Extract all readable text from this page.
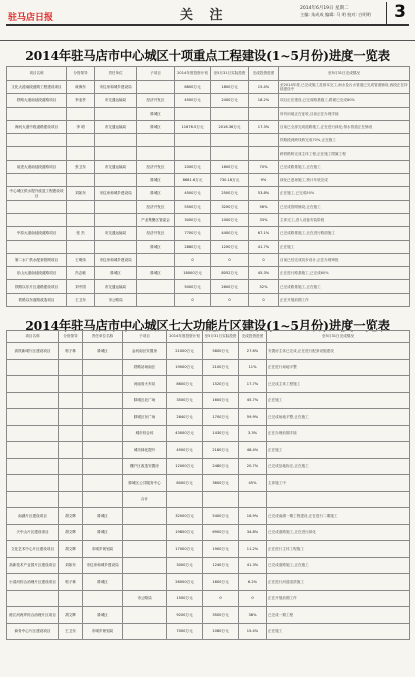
驻马店日报	关 注	2014年6月19日 星期二
主编: 朱成成 编辑: 马 明 校对: 白明明	3
2014年驻马店市中心城区十项重点工程建设(1~5月份)进度一览表
项目名称	分管领导	责任单位	子项目	2014年度投资计划	至5月31日实际投资	完成投资进度	至5月31日完成情况
文化大道南段道路工程建设项目	戚海东	市住房和城乡建设局		8600万元	1800万元	15.4%	至2014年度,已完成施工及基本完工,雨水及污水管道已完成管道铺设,西段正在持续建设中
铁路大道南延段道路项目	李亚亭	市交通运输局	经济开发区	4500万元	2400万元	18.2%	项目正在建设,已完成路基施工,路面已完成80%
			驿城区				所有用地正在征收,目前正在办理手续
海河大道中段道路建设项目	李 明	市交通运输局	驿城区	11676.5万元	2016.36万元	17.3%	目前已全部完成道路施工,正在进行绿化;排水管道正在铺设
							铁路段到跨线桥完成70%,正在施工
							跨铁路桥完成主体工程,正在施工附属工程
前进大道南延段道路项目	张卫东	市交通运输局	经济开发区	2000万元	1600万元	70%	已完成路基施工,正在施工
			驿城区	8681.6万元	730.16万元	9%	绿化已进场施工,预计年底完成
中心城区供水提升改造工程建设项目	刘如东	市住房和城乡建设局	驿城区	4500万元	2500万元	53.8%	正在施工,已完成50%
			经济开发区	5500万元	3200万元	56%	已完成管网铺设,正在施工
			产业集聚区管委会	3000万元	1000万元	33%	主体完工,进入设备安装阶段
中原大道南延段道路项目	张 杰	市交通运输局	经济开发区	7700万元	4400万元	67.1%	已完成路基施工,正在进行路面施工
			驿城区	2880万元	1200万元	41.7%	正在施工
第二水厂供水配套管网项目	王明伟	市住房和城乡建设局		0	0	0	目前已经完成初步设计,正在办理审批
乐山大道南延段道路项目	冯志敏	驿城区	驿城区	18000万元	8052万元	45.3%	正在进行路基施工,已完成60%
铁路以东片区道路建设项目	刘中国	市交通运输局		5000万元	2600万元	52%	已完成路基施工,正在施工
铁路以东道路改造项目	王卫东	市公路局		0	0	0	正在开展前期工作
2014年驻马店市中心城区七大功能片区建设(1~5月份)进度一览表
项目名称	分管领导	责任单位名称	子项目	2014年度投资计划	至5月31日实际投资	完成投资进度	至5月31日完成情况
高铁新城片区建设项目	郭子林	驿城区	金河南区安置房	21000万元	5800万元	27.6%	安置房主体已完成,正在进行配套设施建设
			铁路站场南区	19000万元	2100万元	11%	正在进行场地平整
			河南省火车站	8600万元	1520万元	17.7%	已完成主体工程施工
			驿城区北广场	3500万元	1600万元	45.7%	正在施工
			驿城区东广场	2840万元	1700万元	59.9%	已完成场地平整,正在施工
			城市综合体	43000万元	1430万元	3.3%	正在办理前期手续
			城市绿化提升	4500万元	2180万元	48.4%	正在施工
			棚户区改造安置房	12000万元	2480万元	20.7%	已完成征地拆迁,正在施工
			驿城区公共服务中心	8000万元	3600万元	45%	主体施工中
			合计				
南湖片区建设项目	胡文辉	驿城区		32000万元	5400万元	16.9%	已完成南湖一期工程建设,正在进行二期施工
天中山片区建设项目	胡文辉	驿城区		19800万元	6900万元	34.8%	已完成道路施工,正在进行绿化
文化艺术中心片区建设项目	胡文辉	市城乡规划局		17000万元	1900万元	11.2%	正在进行主体工程施工
高新技术产业园片区建设项目	刘如东	市住房和城乡建设局		3000万元	1240万元	41.3%	已完成道路施工,正在施工
小清河综合治理片区建设项目	郭子林	驿城区		26000万元	1600万元	6.2%	正在进行河道清淤施工
			市公路局	1500万元	0	0	正在开展前期工作
练江河两岸综合治理片区项目	胡文辉	驿城区		9200万元	3500万元	38%	已完成一期工程
商务中心片区建设项目	王卫东	市城乡规划局		7000万元	1080万元	15.4%	正在施工
